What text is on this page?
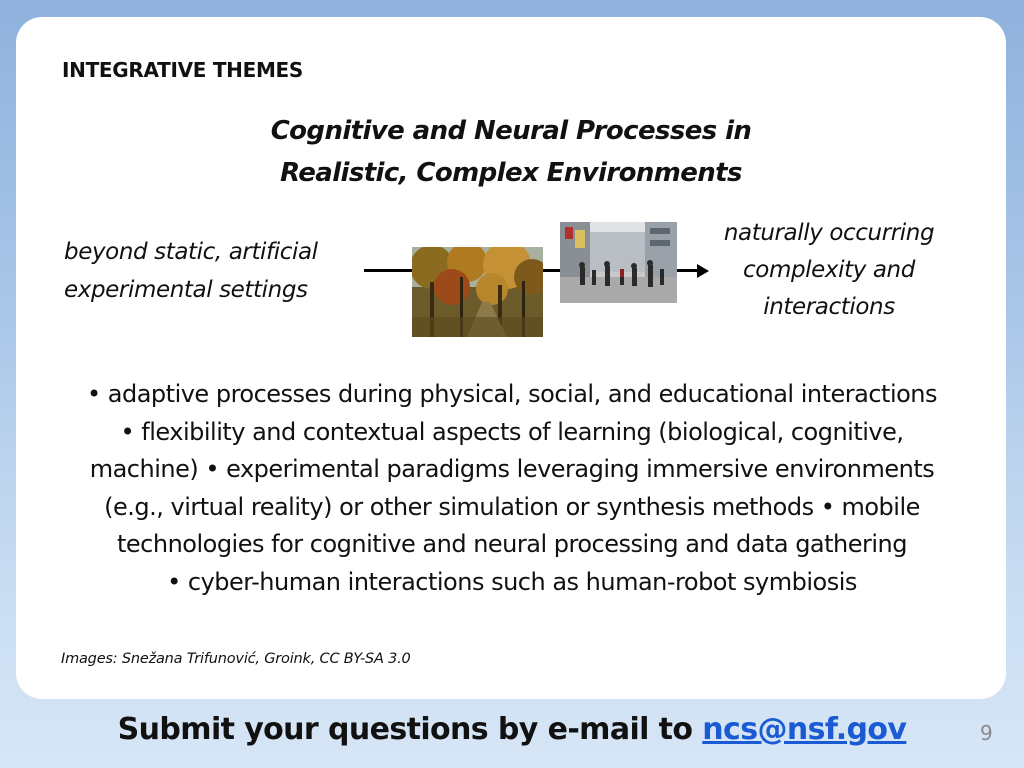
INTEGRATIVE THEMES
Cognitive and Neural Processes in
Realistic, Complex Environments
beyond static, artificial
experimental settings
naturally occurring
complexity and
interactions
• adaptive processes during physical, social, and educational interactions
• flexibility and contextual aspects of learning (biological, cognitive,
machine) • experimental paradigms leveraging immersive environments
(e.g., virtual reality) or other simulation or synthesis methods • mobile
technologies for cognitive and neural processing and data gathering
• cyber-human interactions such as human-robot symbiosis
Images: Snežana Trifunović, Groink, CC BY-SA 3.0
Submit your questions by e-mail to ncs@nsf.gov	9
